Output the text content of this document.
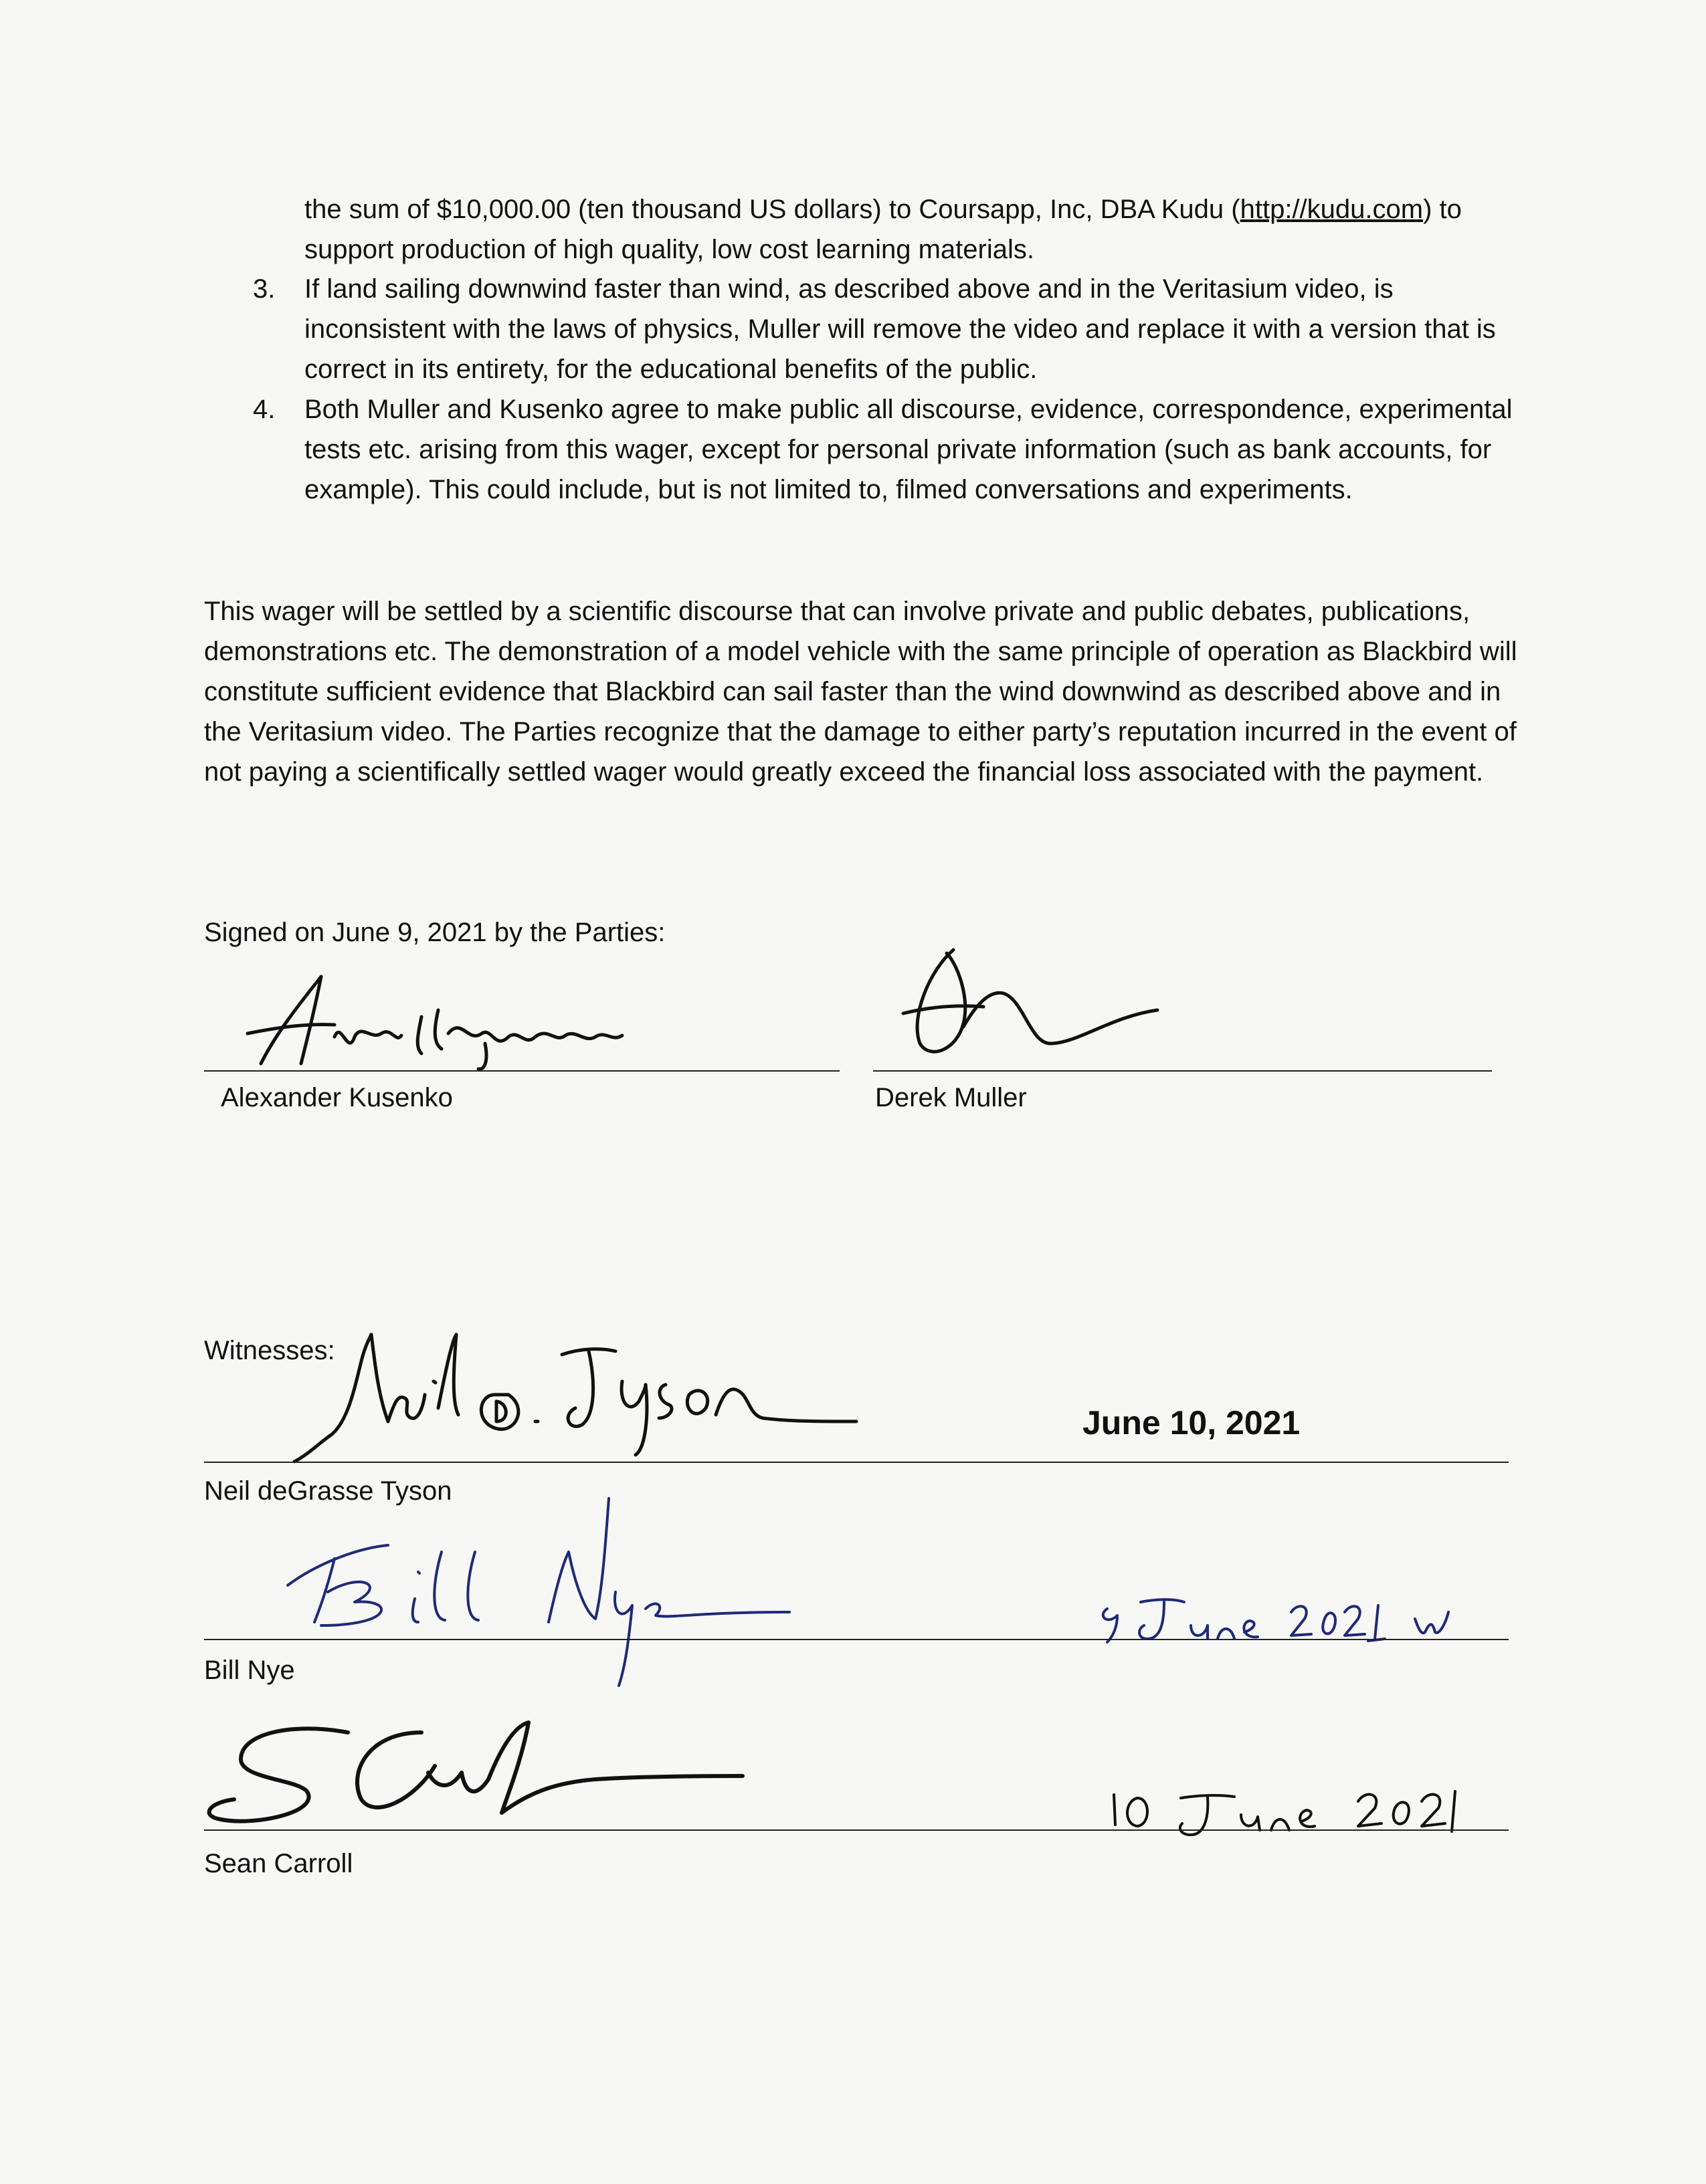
the sum of $10,000.00 (ten thousand US dollars) to Coursapp, Inc, DBA Kudu (http://kudu.com) to support production of high quality, low cost learning materials.

3. If land sailing downwind faster than wind, as described above and in the Veritasium video, is inconsistent with the laws of physics, Muller will remove the video and replace it with a version that is correct in its entirety, for the educational benefits of the public.

4. Both Muller and Kusenko agree to make public all discourse, evidence, correspondence, experimental tests etc. arising from this wager, except for personal private information (such as bank accounts, for example). This could include, but is not limited to, filmed conversations and experiments.

This wager will be settled by a scientific discourse that can involve private and public debates, publications, demonstrations etc. The demonstration of a model vehicle with the same principle of operation as Blackbird will constitute sufficient evidence that Blackbird can sail faster than the wind downwind as described above and in the Veritasium video. The Parties recognize that the damage to either party’s reputation incurred in the event of not paying a scientifically settled wager would greatly exceed the financial loss associated with the payment.

Signed on June 9, 2021 by the Parties:
Alexander Kusenko	Derek Muller
Witnesses:
June 10, 2021
Neil deGrasse Tyson
Bill Nye
Sean Carroll
